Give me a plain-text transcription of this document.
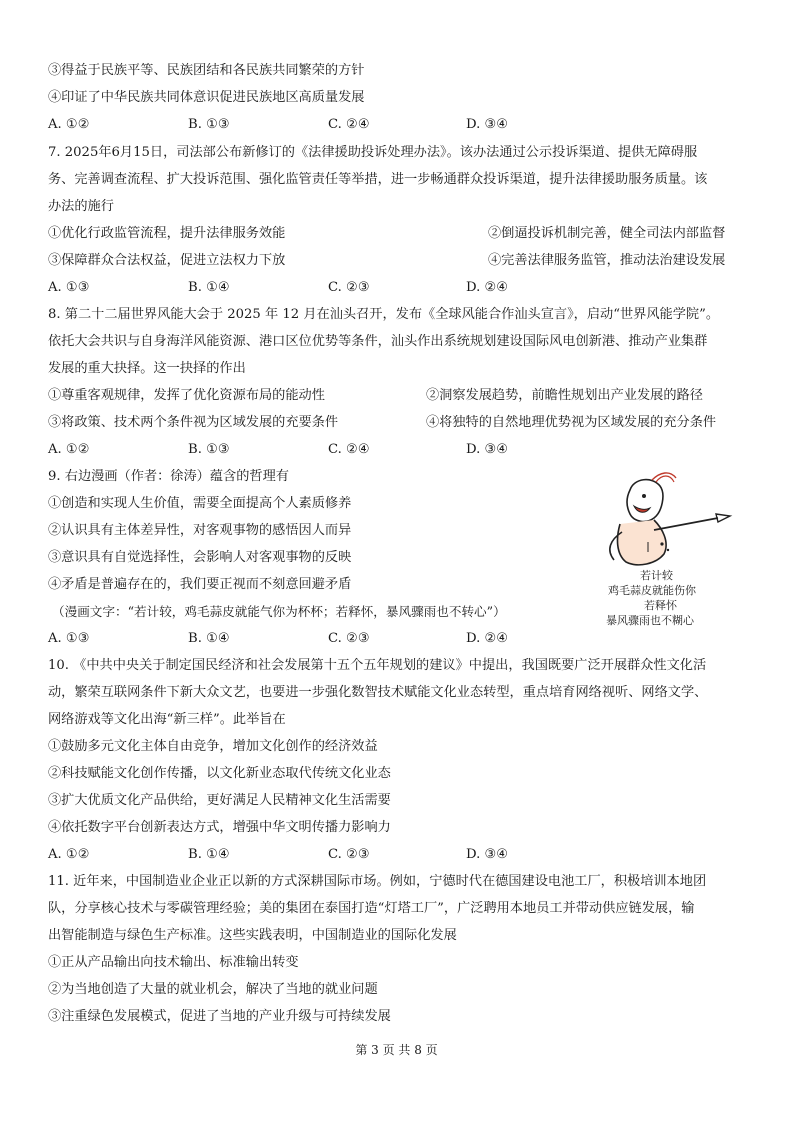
③得益于民族平等、民族团结和各民族共同繁荣的方针
④印证了中华民族共同体意识促进民族地区高质量发展
A. ①②	B. ①③	C. ②④	D. ③④
7. 2025年6月15日，司法部公布新修订的《法律援助投诉处理办法》。该办法通过公示投诉渠道、提供无障碍服
务、完善调查流程、扩大投诉范围、强化监管责任等举措，进一步畅通群众投诉渠道，提升法律援助服务质量。该
办法的施行
①优化行政监管流程，提升法律服务效能	②倒逼投诉机制完善，健全司法内部监督
③保障群众合法权益，促进立法权力下放	④完善法律服务监管，推动法治建设发展
A. ①③	B. ①④	C. ②③	D. ②④
8. 第二十二届世界风能大会于 2025 年 12 月在汕头召开，发布《全球风能合作汕头宣言》，启动“世界风能学院”。
依托大会共识与自身海洋风能资源、港口区位优势等条件，汕头作出系统规划建设国际风电创新港、推动产业集群
发展的重大抉择。这一抉择的作出
①尊重客观规律，发挥了优化资源布局的能动性	②洞察发展趋势，前瞻性规划出产业发展的路径
③将政策、技术两个条件视为区域发展的充要条件	④将独特的自然地理优势视为区域发展的充分条件
A. ①②	B. ①③	C. ②④	D. ③④
9. 右边漫画（作者：徐涛）蕴含的哲理有
①创造和实现人生价值，需要全面提高个人素质修养
②认识具有主体差异性，对客观事物的感悟因人而异
③意识具有自觉选择性，会影响人对客观事物的反映
④矛盾是普遍存在的，我们要正视而不刻意回避矛盾
（漫画文字：“若计较，鸡毛蒜皮就能气你为杯杯；若释怀，暴风骤雨也不转心”）
A. ①③	B. ①④	C. ②③	D. ②④
若计较
鸡毛蒜皮就能伤你
若释怀
暴风骤雨也不糊心
10. 《中共中央关于制定国民经济和社会发展第十五个五年规划的建议》中提出，我国既要广泛开展群众性文化活
动，繁荣互联网条件下新大众文艺，也要进一步强化数智技术赋能文化业态转型，重点培育网络视听、网络文学、
网络游戏等文化出海“新三样”。此举旨在
①鼓励多元文化主体自由竞争，增加文化创作的经济效益
②科技赋能文化创作传播，以文化新业态取代传统文化业态
③扩大优质文化产品供给，更好满足人民精神文化生活需要
④依托数字平台创新表达方式，增强中华文明传播力影响力
A. ①②	B. ①④	C. ②③	D. ③④
11. 近年来，中国制造业企业正以新的方式深耕国际市场。例如，宁德时代在德国建设电池工厂，积极培训本地团
队，分享核心技术与零碳管理经验；美的集团在泰国打造“灯塔工厂”，广泛聘用本地员工并带动供应链发展，输
出智能制造与绿色生产标准。这些实践表明，中国制造业的国际化发展
①正从产品输出向技术输出、标准输出转变
②为当地创造了大量的就业机会，解决了当地的就业问题
③注重绿色发展模式，促进了当地的产业升级与可持续发展
第 3 页 共 8 页
